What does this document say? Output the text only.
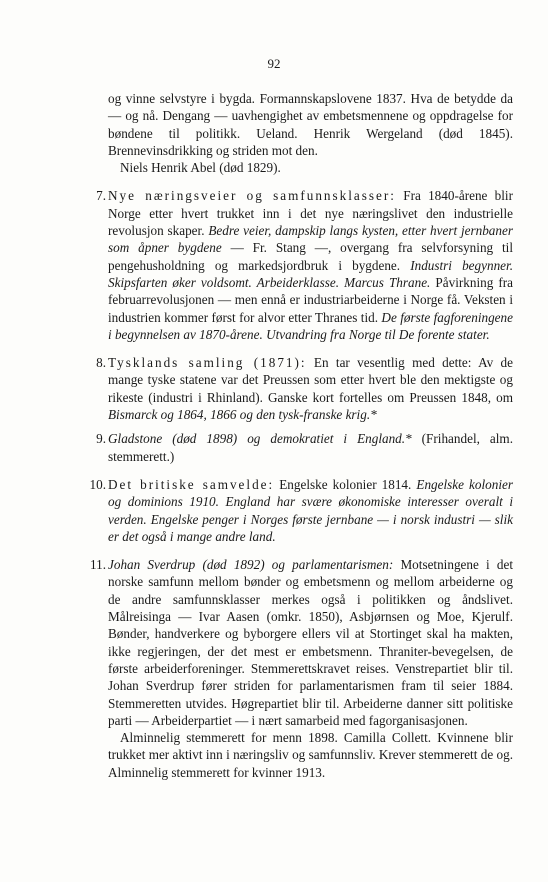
92

og vinne selvstyre i bygda. Formannskapslovene 1837. Hva de betydde da — og nå. Dengang — uavhengighet av embetsmennene og oppdragelse for bøndene til politikk. Ueland. Henrik Wergeland (død 1845). Brennevinsdrikking og striden mot den.

Niels Henrik Abel (død 1829).

7. Nye næringsveier og samfunnsklasser: Fra 1840-årene blir Norge etter hvert trukket inn i det nye næringslivet den industrielle revolusjon skaper. Bedre veier, dampskip langs kysten, etter hvert jernbaner som åpner bygdene — Fr. Stang —, overgang fra selvforsyning til pengehusholdning og markedsjordbruk i bygdene. Industri begynner. Skipsfarten øker voldsomt. Arbeiderklasse. Marcus Thrane. Påvirkning fra februarrevolusjonen — men ennå er industriarbeiderne i Norge få. Veksten i industrien kommer først for alvor etter Thranes tid. De første fagforeningene i begynnelsen av 1870-årene. Utvandring fra Norge til De forente stater.

8. Tysklands samling (1871): En tar vesentlig med dette: Av de mange tyske statene var det Preussen som etter hvert ble den mektigste og rikeste (industri i Rhinland). Ganske kort fortelles om Preussen 1848, om Bismarck og 1864, 1866 og den tysk-franske krig.*

9. Gladstone (død 1898) og demokratiet i England.* (Frihandel, alm. stemmerett.)

10. Det britiske samvelde: Engelske kolonier 1814. Engelske kolonier og dominions 1910. England har svære økonomiske interesser overalt i verden. Engelske penger i Norges første jernbane — i norsk industri — slik er det også i mange andre land.

11. Johan Sverdrup (død 1892) og parlamentarismen: Motsetningene i det norske samfunn mellom bønder og embetsmenn og mellom arbeiderne og de andre samfunnsklasser merkes også i politikken og åndslivet. Målreisinga — Ivar Aasen (omkr. 1850), Asbjørnsen og Moe, Kjerulf. Bønder, handverkere og byborgere ellers vil at Stortinget skal ha makten, ikke regjeringen, der det mest er embetsmenn. Thraniter-bevegelsen, de første arbeiderforeninger. Stemmerettskravet reises. Venstrepartiet blir til. Johan Sverdrup fører striden for parlamentarismen fram til seier 1884. Stemmeretten utvides. Høgrepartiet blir til. Arbeiderne danner sitt politiske parti — Arbeiderpartiet — i nært samarbeid med fagorganisasjonen.

Alminnelig stemmerett for menn 1898. Camilla Collett. Kvinnene blir trukket mer aktivt inn i næringsliv og samfunnsliv. Krever stemmerett de og. Alminnelig stemmerett for kvinner 1913.
